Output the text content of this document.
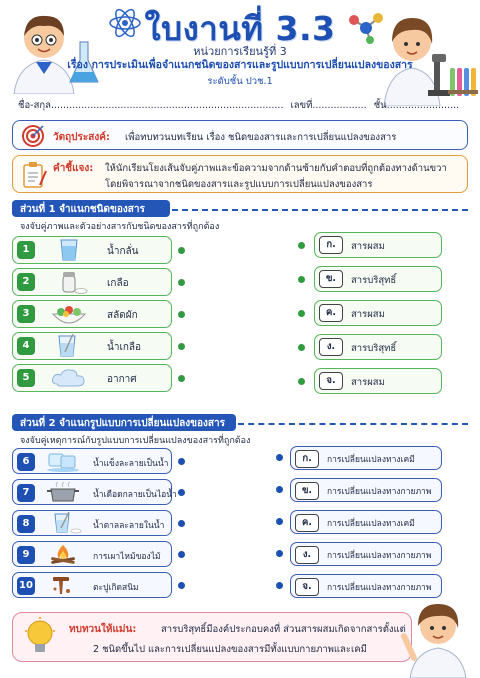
ใบงานที่ 3.3
หน่วยการเรียนรู้ที่ 3
เรื่อง การประเมินเพื่อจำแนกชนิดของสารและรูปแบบการเปลี่ยนแปลงของสาร
ระดับชั้น ปวช.1
ชื่อ-สกุล............................................................................. เลขที่.................. ชั้น........................
วัตถุประสงค์: เพื่อทบทวนบทเรียน เรื่อง ชนิดของสารและการเปลี่ยนแปลงของสาร
คำชี้แจง: ให้นักเรียนโยงเส้นจับคู่ภาพและข้อความจากด้านซ้ายกับคำตอบที่ถูกต้องทางด้านขวา
โดยพิจารณาจากชนิดของสารและรูปแบบการเปลี่ยนแปลงของสาร
ส่วนที่ 1 จำแนกชนิดของสาร
จงจับคู่ภาพและตัวอย่างสารกับชนิดของสารที่ถูกต้อง
1	น้ำกลั่น
2	เกลือ
3	สลัดผัก
4	น้ำเกลือ
5	อากาศ
ก.	สารผสม
ข.	สารบริสุทธิ์
ค.	สารผสม
ง.	สารบริสุทธิ์
จ.	สารผสม
ส่วนที่ 2 จำแนกรูปแบบการเปลี่ยนแปลงของสาร
จงจับคู่เหตุการณ์กับรูปแบบการเปลี่ยนแปลงของสารที่ถูกต้อง
6	น้ำแข็งละลายเป็นน้ำ
7	น้ำเดือดกลายเป็นไอน้ำ
8	น้ำตาลละลายในน้ำ
9	การเผาไหม้ของไม้
10	ตะปูเกิดสนิม
ก.	การเปลี่ยนแปลงทางเคมี
ข.	การเปลี่ยนแปลงทางกายภาพ
ค.	การเปลี่ยนแปลงทางเคมี
ง.	การเปลี่ยนแปลงทางกายภาพ
จ.	การเปลี่ยนแปลงทางกายภาพ
ทบทวนให้แม่น:	สารบริสุทธิ์มีองค์ประกอบคงที่ ส่วนสารผสมเกิดจากสารตั้งแต่
2 ชนิดขึ้นไป และการเปลี่ยนแปลงของสารมีทั้งแบบกายภาพและเคมี
